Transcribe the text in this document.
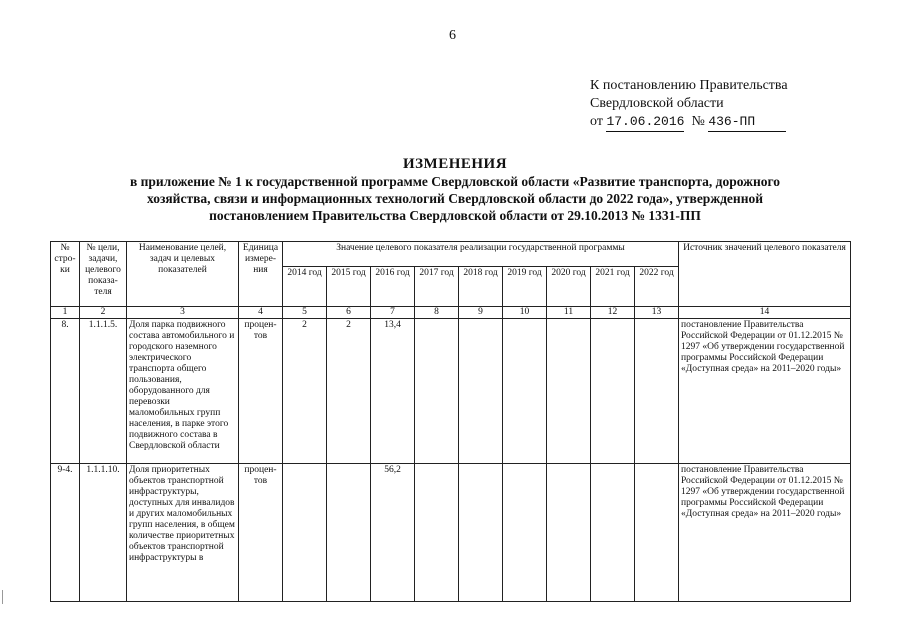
6
К постановлению Правительства
Свердловской области
от 17.06.2016 № 436-ПП
ИЗМЕНЕНИЯ
в приложение № 1 к государственной программе Свердловской области «Развитие транспорта, дорожного
хозяйства, связи и информационных технологий Свердловской области до 2022 года», утвержденной
постановлением Правительства Свердловской области от 29.10.2013 № 1331-ПП
№ стро-ки	№ цели, задачи, целевого показа-теля	Наименование целей, задач и целевых показателей	Единица измере-ния	Значение целевого показателя реализации государственной программы									Источник значений целевого показателя
				2014 год	2015 год	2016 год	2017 год	2018 год	2019 год	2020 год	2021 год	2022 год	
1	2	3	4	5	6	7	8	9	10	11	12	13	14
8.	1.1.1.5.	Доля парка подвижного состава автомобильного и городского наземного электрического транспорта общего пользования, оборудованного для перевозки маломобильных групп населения, в парке этого подвижного состава в Свердловской области	процен-тов	2	2	13,4							постановление Правительства Российской Федерации от 01.12.2015 № 1297 «Об утверждении государственной программы Российской Федерации «Доступная среда» на 2011–2020 годы»
9-4.	1.1.1.10.	Доля приоритетных объектов транспортной инфраструктуры, доступных для инвалидов и других маломобильных групп населения, в общем количестве приоритетных объектов транспортной инфраструктуры в	процен-тов			56,2							постановление Правительства Российской Федерации от 01.12.2015 № 1297 «Об утверждении государственной программы Российской Федерации «Доступная среда» на 2011–2020 годы»
